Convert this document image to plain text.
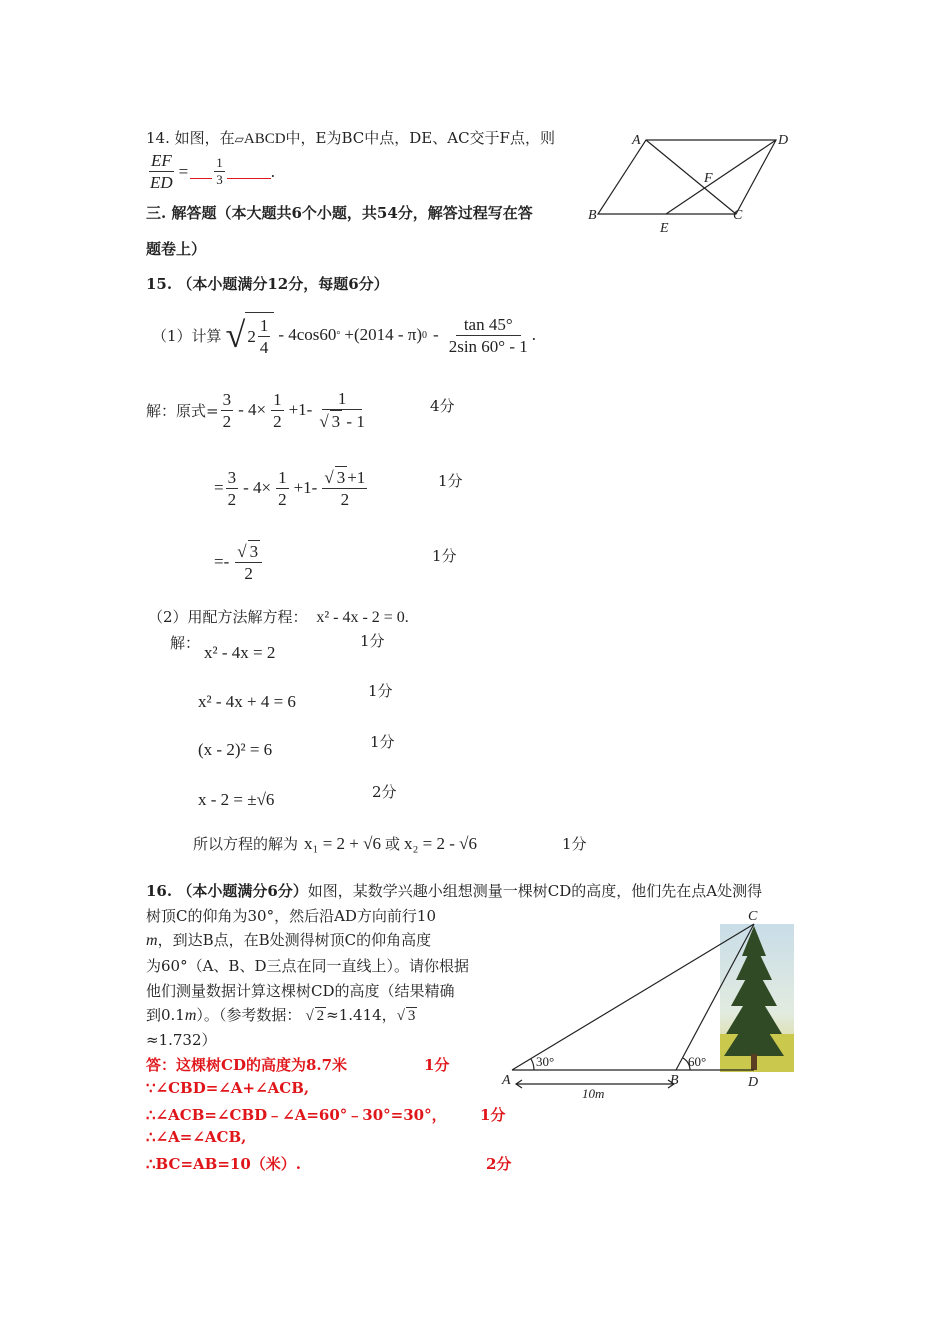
14. 如图，在▱ABCD中，E为BC中点，DE、AC交于F点，则
$\frac{EF}{ED} = \frac{1}{3}$	.
A	D
B	C
E
F
三. 解答题（本大题共6个小题，共54分，解答过程写在答
题卷上）
15. （本小题满分12分，每题6分）
（1）计算 √ $2 \frac{1}{4} - 4\cos 60$ ° +(2014 - π) $0 - \frac{\tan 45^\circ}{2\sin 60^\circ - 1}$ .
解：原式= $\frac{3}{2} - 4\times \frac{1}{2} +1- \frac{1}{√ 3 - 1}$	4分
= $\frac{3}{2} - 4\times \frac{1}{2} +1- \frac{√ 3 +1}{2}$	1分
=- $\frac{√ 3}{2}$	1分
（2）用配方法解方程： x² - 4x - 2 = 0.
解：	1分
x² - 4x = 2
x² - 4x + 4 = 6
1分
(x - 2)² = 6	1分
x - 2 = ±√6	2分
所以方程的解为 x₁ = 2 + √6 或 x₂ = 2 - √6	1分
16. （本小题满分6分）如图，某数学兴趣小组想测量一棵树CD的高度，他们先在点A处测得
树顶C的仰角为30°，然后沿AD方向前行10
m，到达B点，在B处测得树顶C的仰角高度
为60°（A、B、D三点在同一直线上）。请你根据
他们测量数据计算这棵树CD的高度（结果精确
到0.1m）。（参考数据： √ 2 ≈1.414，√ 3
≈1.732）
答：这棵树CD的高度为8.7米	1分
∵∠CBD=∠A+∠ACB,
∴∠ACB=∠CBD﹣∠A=60°﹣30°=30°， 1分
∴∠A=∠ACB,
∴BC=AB=10（米）.	2分
30°	60°
10m
A	B	D
C
